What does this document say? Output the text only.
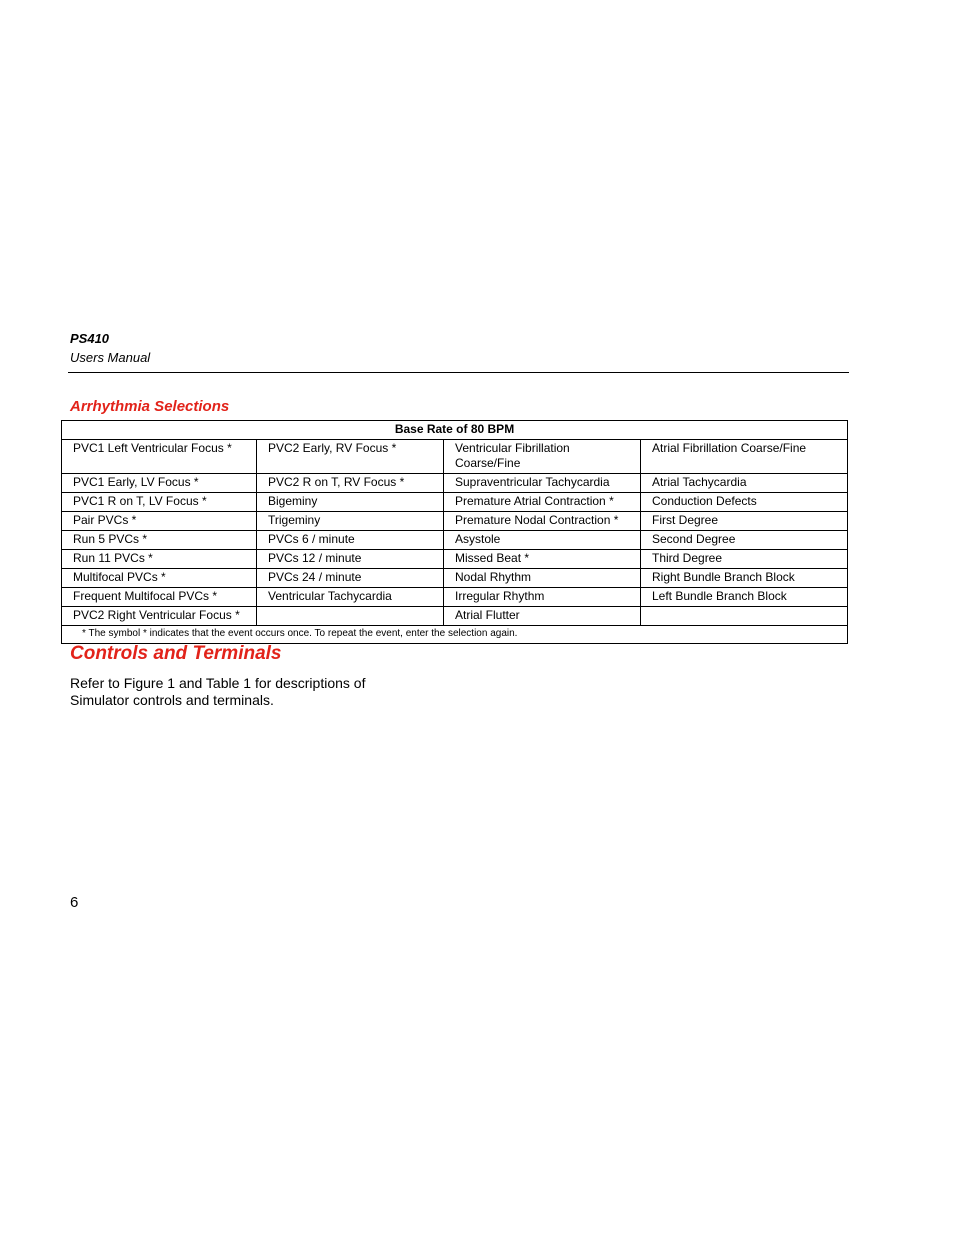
PS410
Users Manual
Arrhythmia Selections
Base Rate of 80 BPM			
PVC1 Left Ventricular Focus *	PVC2 Early, RV Focus *	Ventricular Fibrillation Coarse/Fine	Atrial Fibrillation Coarse/Fine
PVC1 Early, LV Focus *	PVC2 R on T, RV Focus *	Supraventricular Tachycardia	Atrial Tachycardia
PVC1 R on T, LV Focus *	Bigeminy	Premature Atrial Contraction *	Conduction Defects
Pair PVCs *	Trigeminy	Premature Nodal Contraction *	First Degree
Run 5 PVCs *	PVCs 6 / minute	Asystole	Second Degree
Run 11 PVCs *	PVCs 12 / minute	Missed Beat *	Third Degree
Multifocal PVCs *	PVCs 24 / minute	Nodal Rhythm	Right Bundle Branch Block
Frequent Multifocal PVCs *	Ventricular Tachycardia	Irregular Rhythm	Left Bundle Branch Block
PVC2 Right Ventricular Focus *		Atrial Flutter	
* The symbol * indicates that the event occurs once. To repeat the event, enter the selection again.			
Controls and Terminals
Refer to Figure 1 and Table 1 for descriptions of Simulator controls and terminals.
6
